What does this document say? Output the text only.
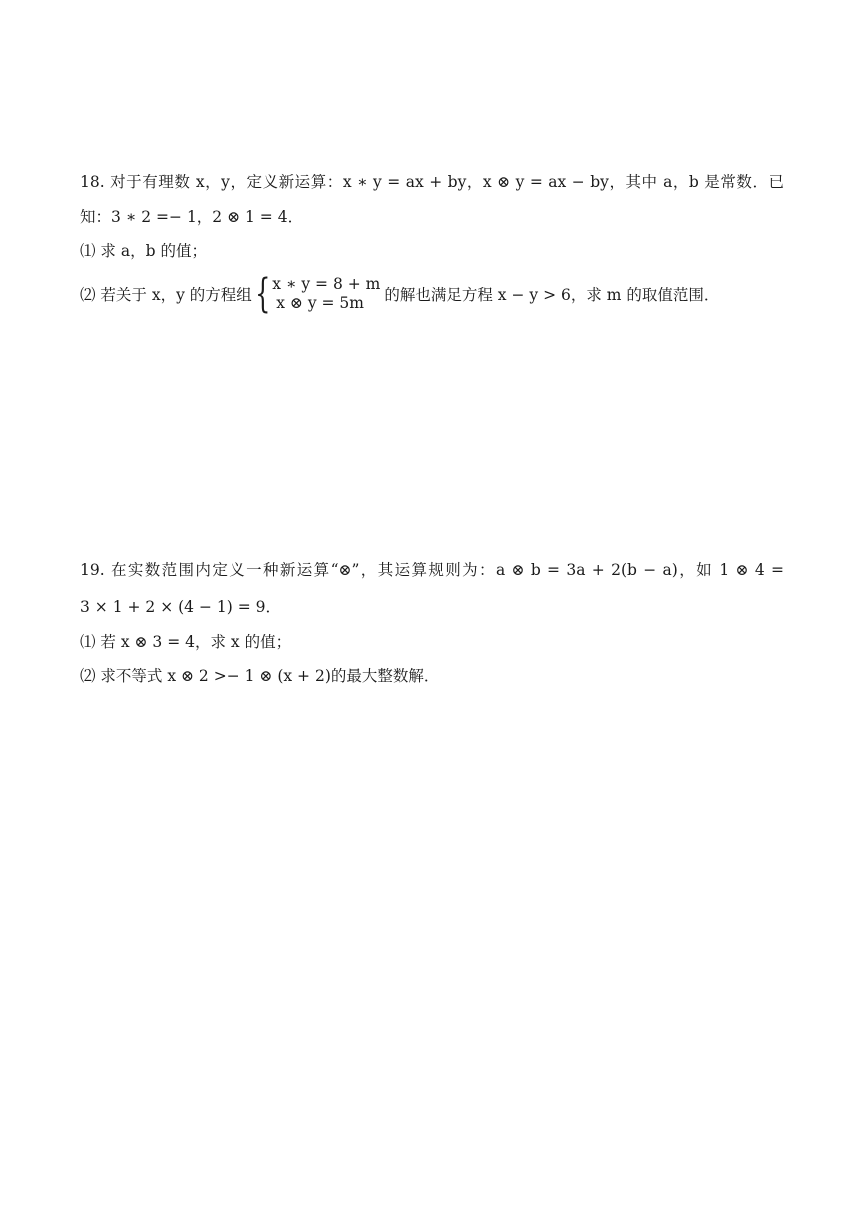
18. 对于有理数 x，y，定义新运算：x ∗ y = ax + by，x ⊗ y = ax − by，其中 a，b 是常数．已
知：3 ∗ 2 =− 1，2 ⊗ 1 = 4．
⑴ 求 a，b 的值；
⑵ 若关于 x，y 的方程组 { x ∗ y = 8 + m
x ⊗ y = 5m	的解也满足方程 x − y > 6，求 m 的取值范围．
19. 在实数范围内定义一种新运算“⊗”，其运算规则为：a ⊗ b = 3a + 2(b − a)，如 1 ⊗ 4 =
3 × 1 + 2 × (4 − 1) = 9．
⑴ 若 x ⊗ 3 = 4，求 x 的值；
⑵ 求不等式 x ⊗ 2 >− 1 ⊗ (x + 2)的最大整数解．
